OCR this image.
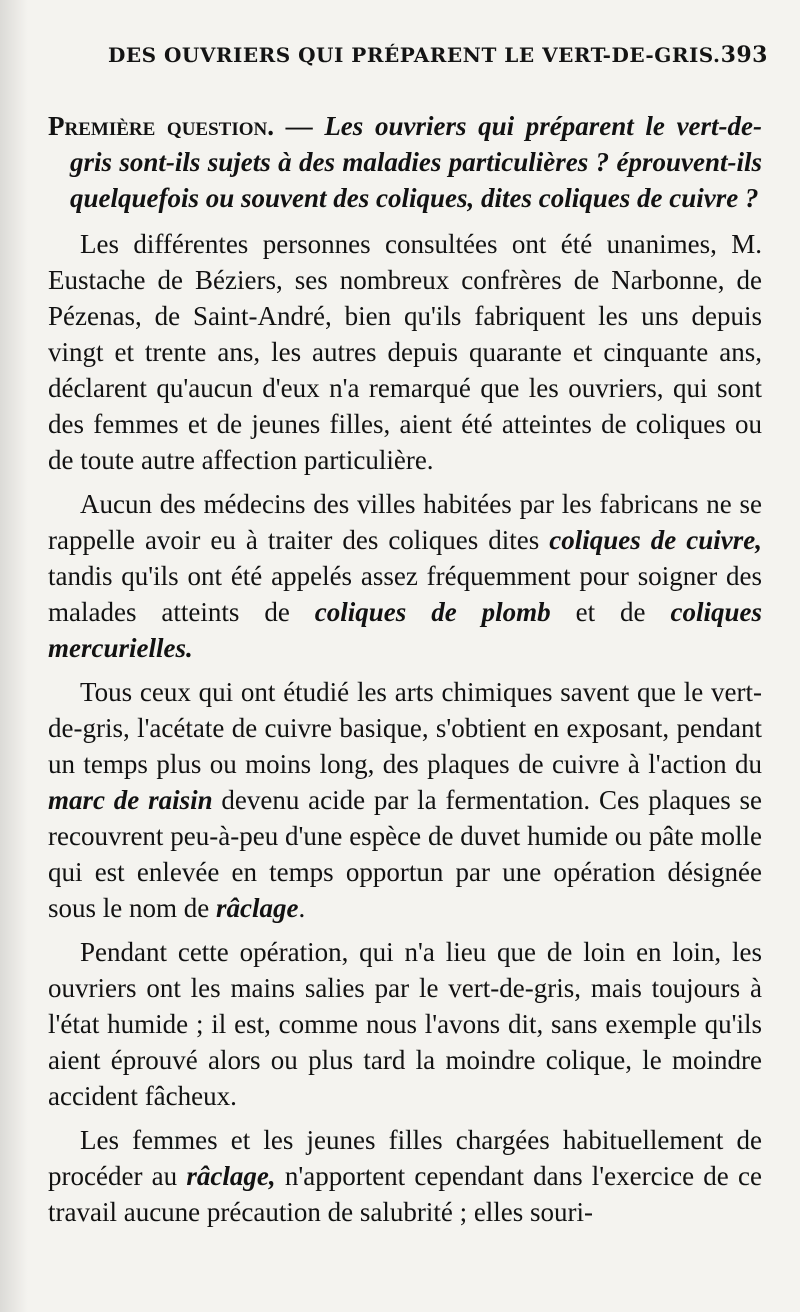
DES OUVRIERS QUI PRÉPARENT LE VERT-DE-GRIS. 393

Première question. — Les ouvriers qui préparent le vert-de-gris sont-ils sujets à des maladies particulières ? éprouvent-ils quelquefois ou souvent des coliques, dites coliques de cuivre ?

Les différentes personnes consultées ont été unanimes, M. Eustache de Béziers, ses nombreux confrères de Narbonne, de Pézenas, de Saint-André, bien qu'ils fabriquent les uns depuis vingt et trente ans, les autres depuis quarante et cinquante ans, déclarent qu'aucun d'eux n'a remarqué que les ouvriers, qui sont des femmes et de jeunes filles, aient été atteintes de coliques ou de toute autre affection particulière.

Aucun des médecins des villes habitées par les fabricans ne se rappelle avoir eu à traiter des coliques dites coliques de cuivre, tandis qu'ils ont été appelés assez fréquemment pour soigner des malades atteints de coliques de plomb et de coliques mercurielles.

Tous ceux qui ont étudié les arts chimiques savent que le vert-de-gris, l'acétate de cuivre basique, s'obtient en exposant, pendant un temps plus ou moins long, des plaques de cuivre à l'action du marc de raisin devenu acide par la fermentation. Ces plaques se recouvrent peu-à-peu d'une espèce de duvet humide ou pâte molle qui est enlevée en temps opportun par une opération désignée sous le nom de râclage.

Pendant cette opération, qui n'a lieu que de loin en loin, les ouvriers ont les mains salies par le vert-de-gris, mais toujours à l'état humide ; il est, comme nous l'avons dit, sans exemple qu'ils aient éprouvé alors ou plus tard la moindre colique, le moindre accident fâcheux.

Les femmes et les jeunes filles chargées habituellement de procéder au râclage, n'apportent cependant dans l'exercice de ce travail aucune précaution de salubrité ; elles souri-
